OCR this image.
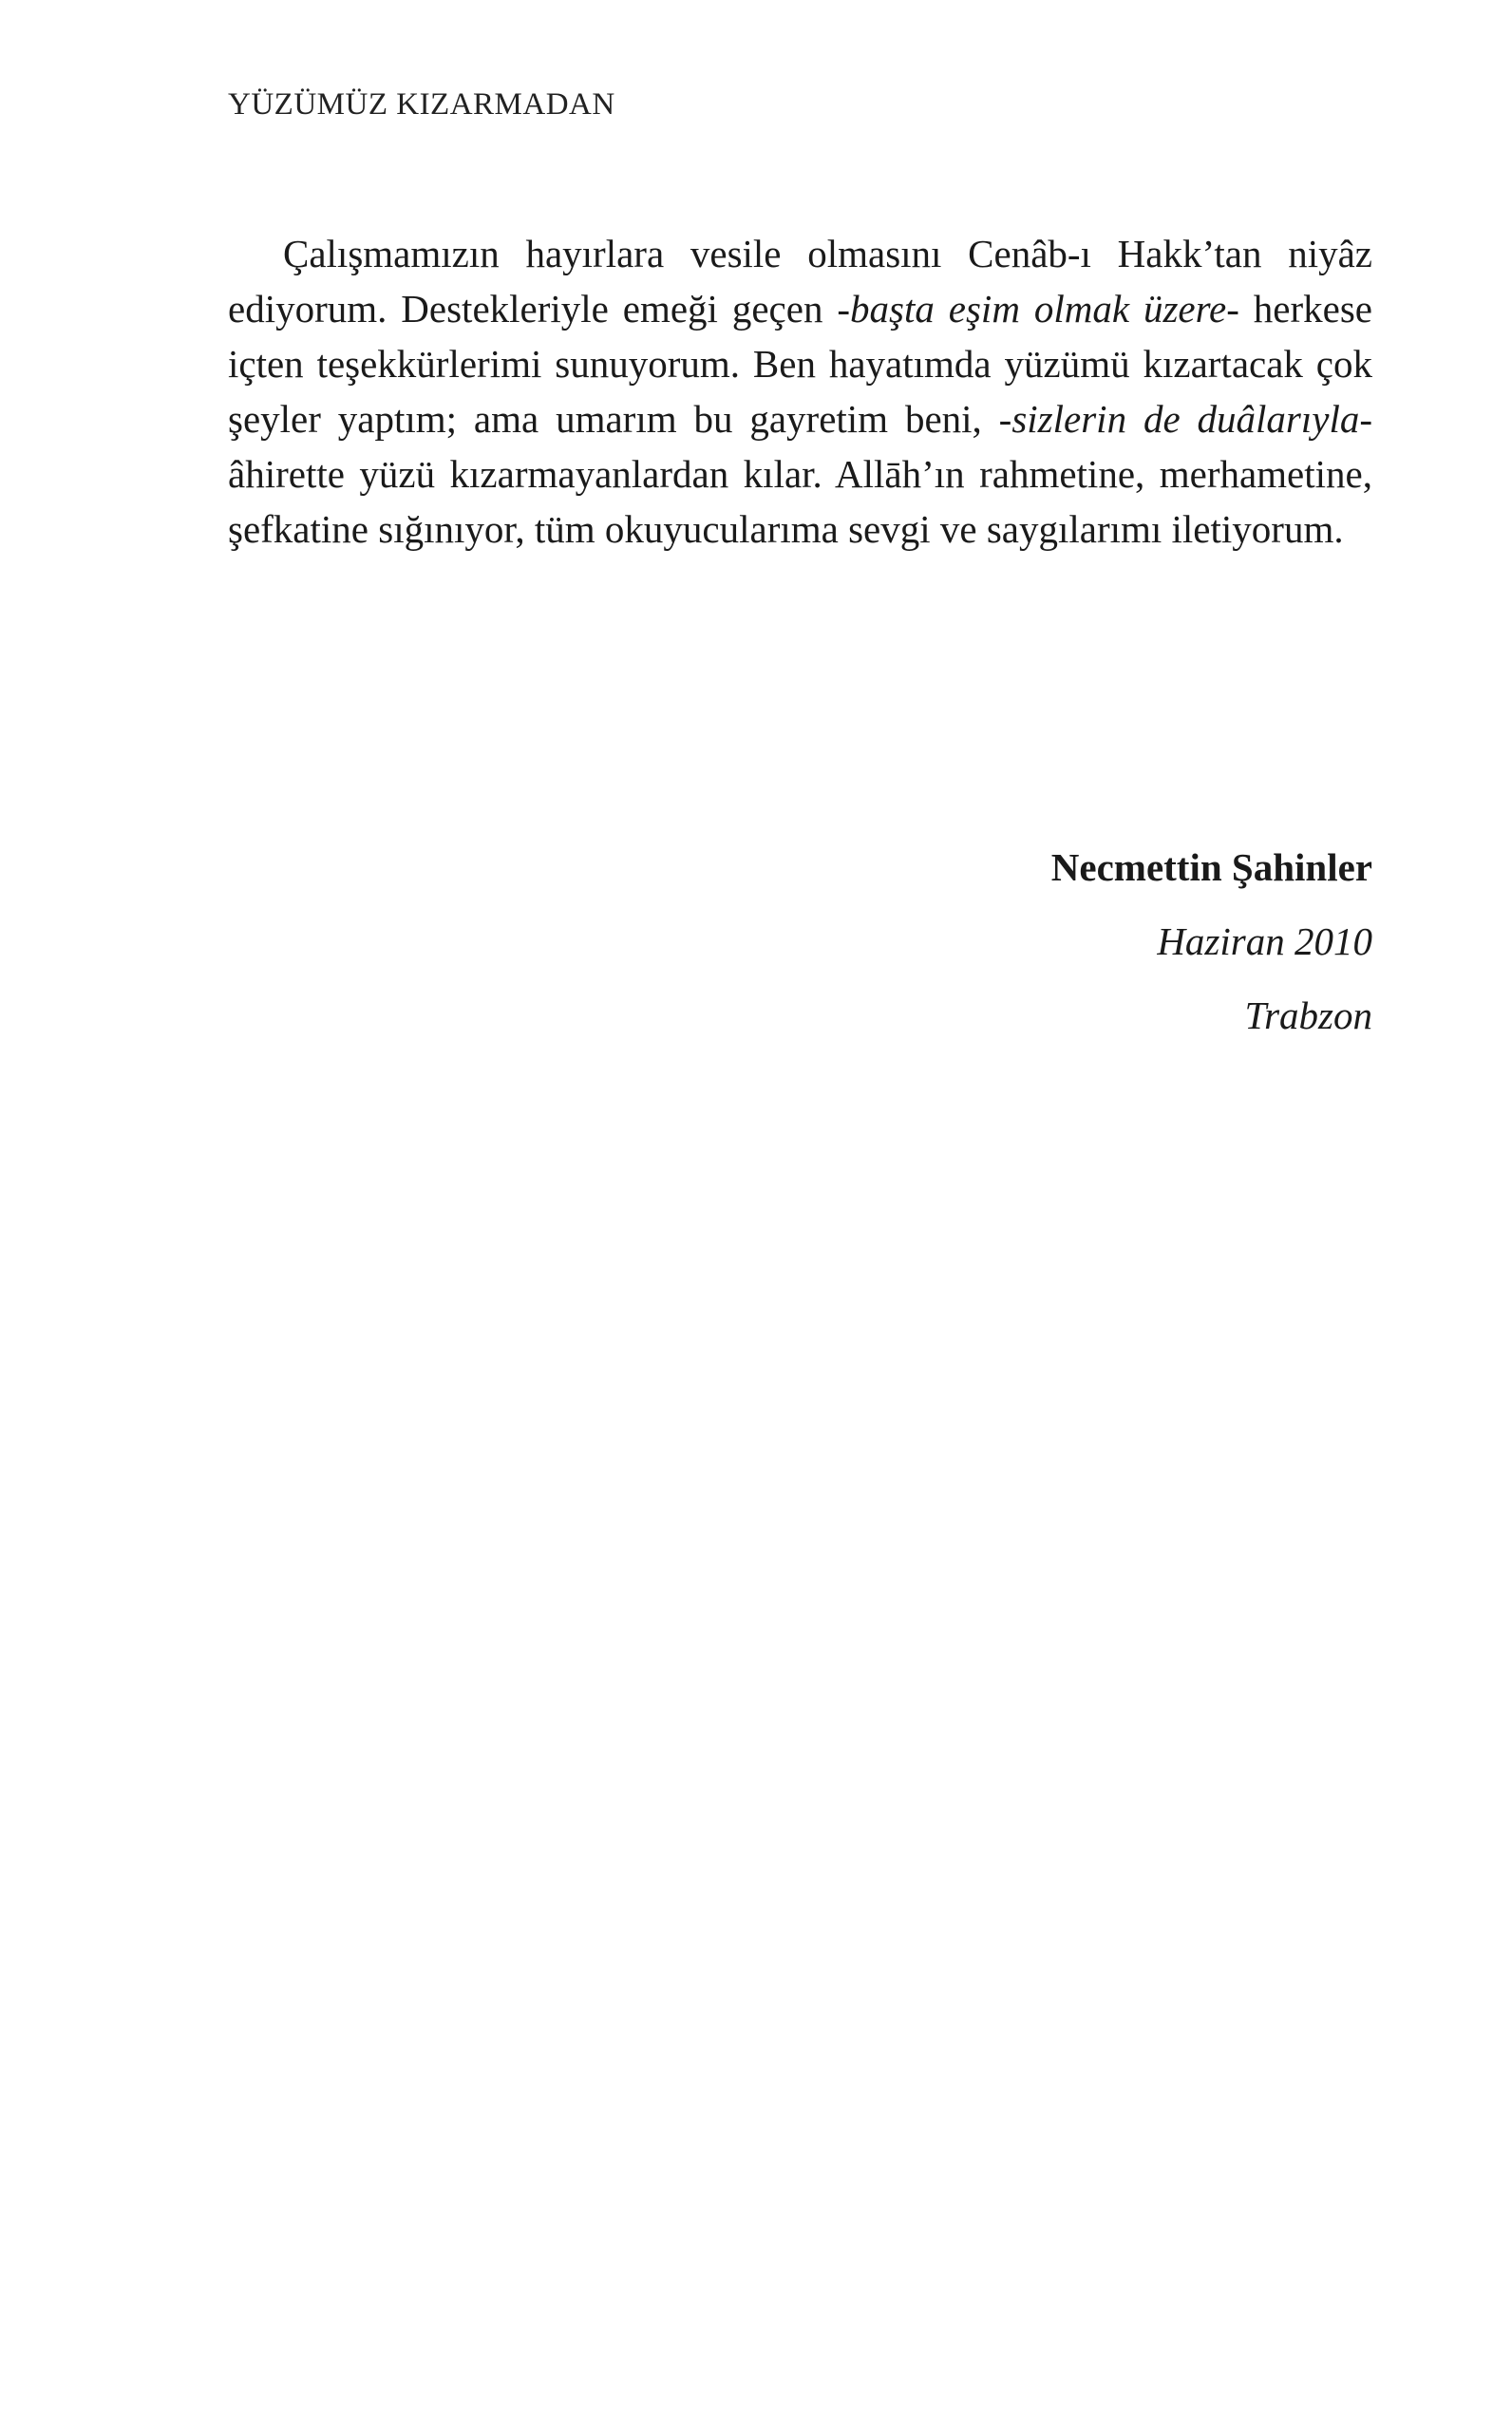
YÜZÜMÜZ KIZARMADAN

Çalışmamızın hayırlara vesile olmasını Cenâb-ı Hakk’tan niyâz ediyorum. Destekleriyle emeği geçen -başta eşim olmak üzere- herkese içten teşekkürlerimi sunuyorum. Ben hayatımda yüzümü kızartacak çok şeyler yaptım; ama umarım bu gayretim beni, -sizlerin de duâlarıyla- âhirette yüzü kızarmayanlardan kılar. Allāh’ın rahmetine, merhametine, şefkatine sığınıyor, tüm okuyucularıma sevgi ve saygılarımı iletiyorum.

Necmettin Şahinler
Haziran 2010
Trabzon
